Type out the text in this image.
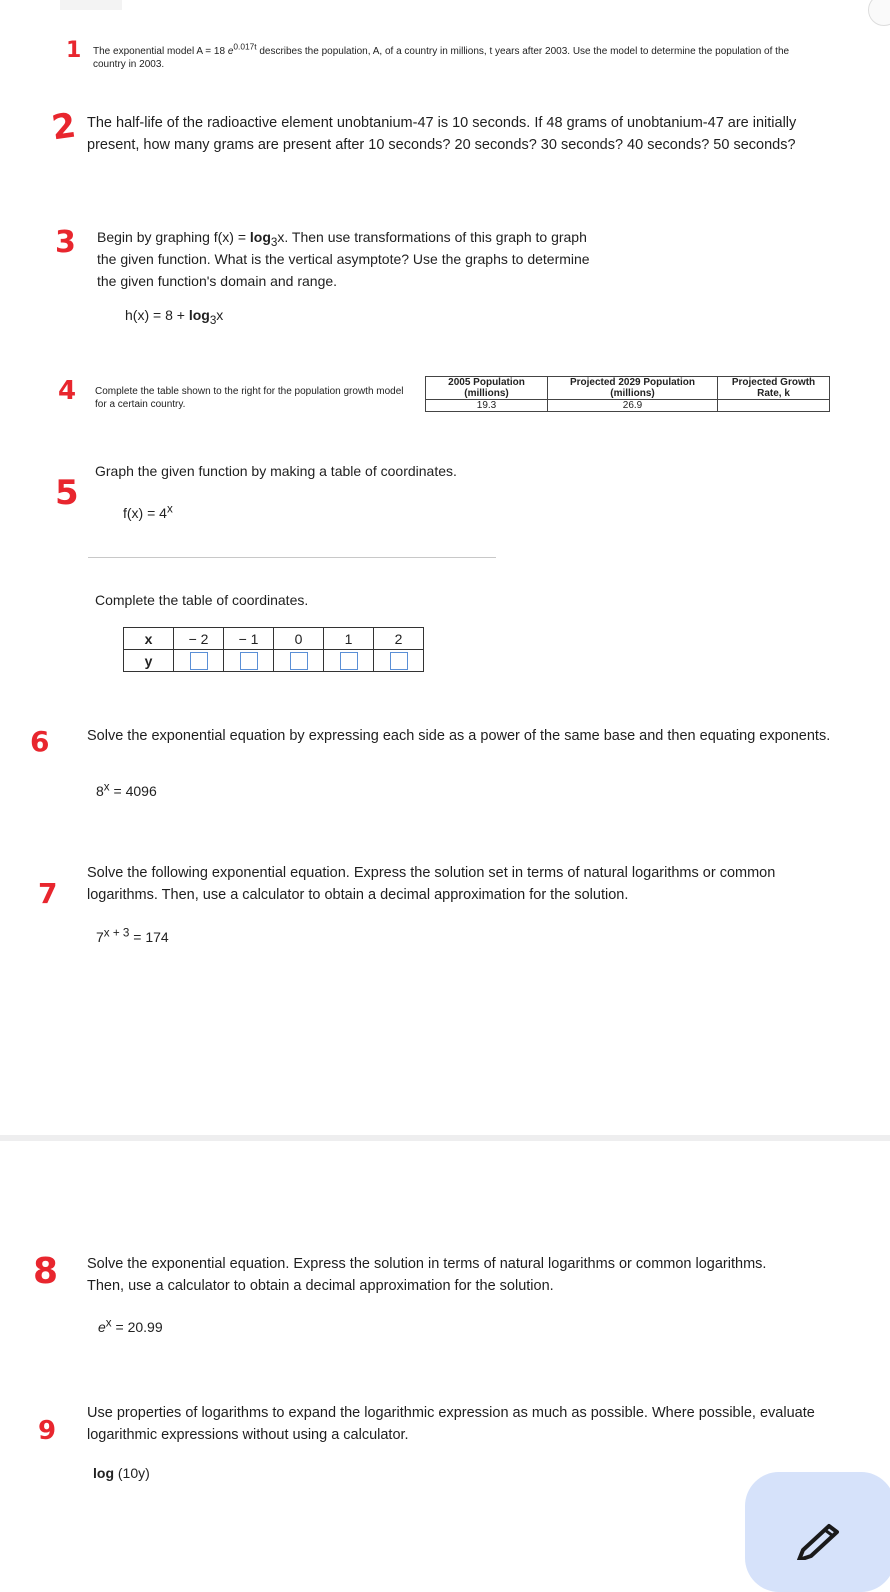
1 The exponential model A = 18 $e^{0.017t}$ describes the population, A, of a country in millions, t years after 2003. Use the model to determine the population of the
country in 2003.
2 The half-life of the radioactive element unobtanium-47 is 10 seconds. If 48 grams of unobtanium-47 are initially present, how many grams are present after 10 seconds? 20 seconds? 30 seconds? 40 seconds? 50 seconds?
3 Begin by graphing $f(x) = \log_3x$. Then use transformations of this graph to graph
the given function. What is the vertical asymptote? Use the graphs to determine
the given function's domain and range.
$h(x) = 8 + \log_3x$
4 Complete the table shown to the right for the population growth model
for a certain country.
2005 Population (millions)	Projected 2029 Population (millions)	Projected Growth Rate, k
19.3	26.9	
5
Graph the given function by making a table of coordinates.
$f(x) = 4^x$
Complete the table of coordinates.
x	− 2	− 1	0	1	2
y					
6	Solve the exponential equation by expressing each side as a power of the same base and then equating exponents.
$8^x = 4096$
7
Solve the following exponential equation. Express the solution set in terms of natural logarithms or common logarithms. Then, use a calculator to obtain a decimal approximation for the solution.
$7^{x + 3} = 174$
8 Solve the exponential equation. Express the solution in terms of natural logarithms or common logarithms. Then, use a calculator to obtain a decimal approximation for the solution.
$e^x = 20.99$
9
Use properties of logarithms to expand the logarithmic expression as much as possible. Where possible, evaluate logarithmic expressions without using a calculator.
log (10y)
